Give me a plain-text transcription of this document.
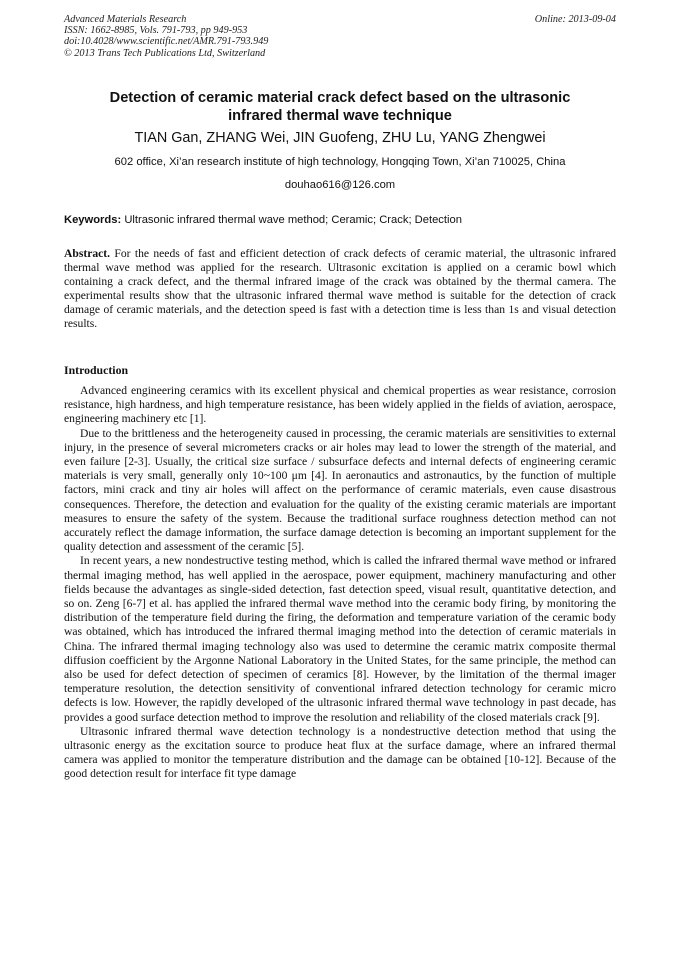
Advanced Materials Research
ISSN: 1662-8985, Vols. 791-793, pp 949-953
doi:10.4028/www.scientific.net/AMR.791-793.949
© 2013 Trans Tech Publications Ltd, Switzerland
Online: 2013-09-04
Detection of ceramic material crack defect based on the ultrasonic
infrared thermal wave technique
TIAN Gan, ZHANG Wei, JIN Guofeng, ZHU Lu, YANG Zhengwei
602 office, Xi’an research institute of high technology, Hongqing Town, Xi’an 710025, China
douhao616@126.com
Keywords: Ultrasonic infrared thermal wave method; Ceramic; Crack; Detection
Abstract. For the needs of fast and efficient detection of crack defects of ceramic material, the ultrasonic infrared thermal wave method was applied for the research. Ultrasonic excitation is applied on a ceramic bowl which containing a crack defect, and the thermal infrared image of the crack was obtained by the thermal camera. The experimental results show that the ultrasonic infrared thermal wave method is suitable for the detection of crack damage of ceramic materials, and the detection speed is fast with a detection time is less than 1s and visual detection results.
Introduction

Advanced engineering ceramics with its excellent physical and chemical properties as wear resistance, corrosion resistance, high hardness, and high temperature resistance, has been widely applied in the fields of aviation, aerospace, engineering machinery etc [1].

Due to the brittleness and the heterogeneity caused in processing, the ceramic materials are sensitivities to external injury, in the presence of several micrometers cracks or air holes may lead to lower the strength of the material, and even failure [2-3]. Usually, the critical size surface / subsurface defects and internal defects of engineering ceramic materials is very small, generally only 10~100 μm [4]. In aeronautics and astronautics, by the function of multiple factors, mini crack and tiny air holes will affect on the performance of ceramic materials, even cause disastrous consequences. Therefore, the detection and evaluation for the quality of the existing ceramic materials are important measures to ensure the safety of the system. Because the traditional surface roughness detection method can not accurately reflect the damage information, the surface damage detection is becoming an important supplement for the quality detection and assessment of the ceramic [5].

In recent years, a new nondestructive testing method, which is called the infrared thermal wave method or infrared thermal imaging method, has well applied in the aerospace, power equipment, machinery manufacturing and other fields because the advantages as single-sided detection, fast detection speed, visual result, quantitative detection, and so on. Zeng [6-7] et al. has applied the infrared thermal wave method into the ceramic body firing, by monitoring the distribution of the temperature field during the firing, the deformation and temperature variation of the ceramic body was obtained, which has introduced the infrared thermal imaging method into the detection of ceramic materials in China. The infrared thermal imaging technology also was used to determine the ceramic matrix composite thermal diffusion coefficient by the Argonne National Laboratory in the United States, for the same principle, the method can also be used for defect detection of specimen of ceramics [8]. However, by the limitation of the thermal imager temperature resolution, the detection sensitivity of conventional infrared detection technology for ceramic micro defects is low. However, the rapidly developed of the ultrasonic infrared thermal wave technology in past decade, has provides a good surface detection method to improve the resolution and reliability of the closed materials crack [9].

Ultrasonic infrared thermal wave detection technology is a nondestructive detection method that using the ultrasonic energy as the excitation source to produce heat flux at the surface damage, where an infrared thermal camera was applied to monitor the temperature distribution and the damage can be obtained [10-12]. Because of the good detection result for interface fit type damage
